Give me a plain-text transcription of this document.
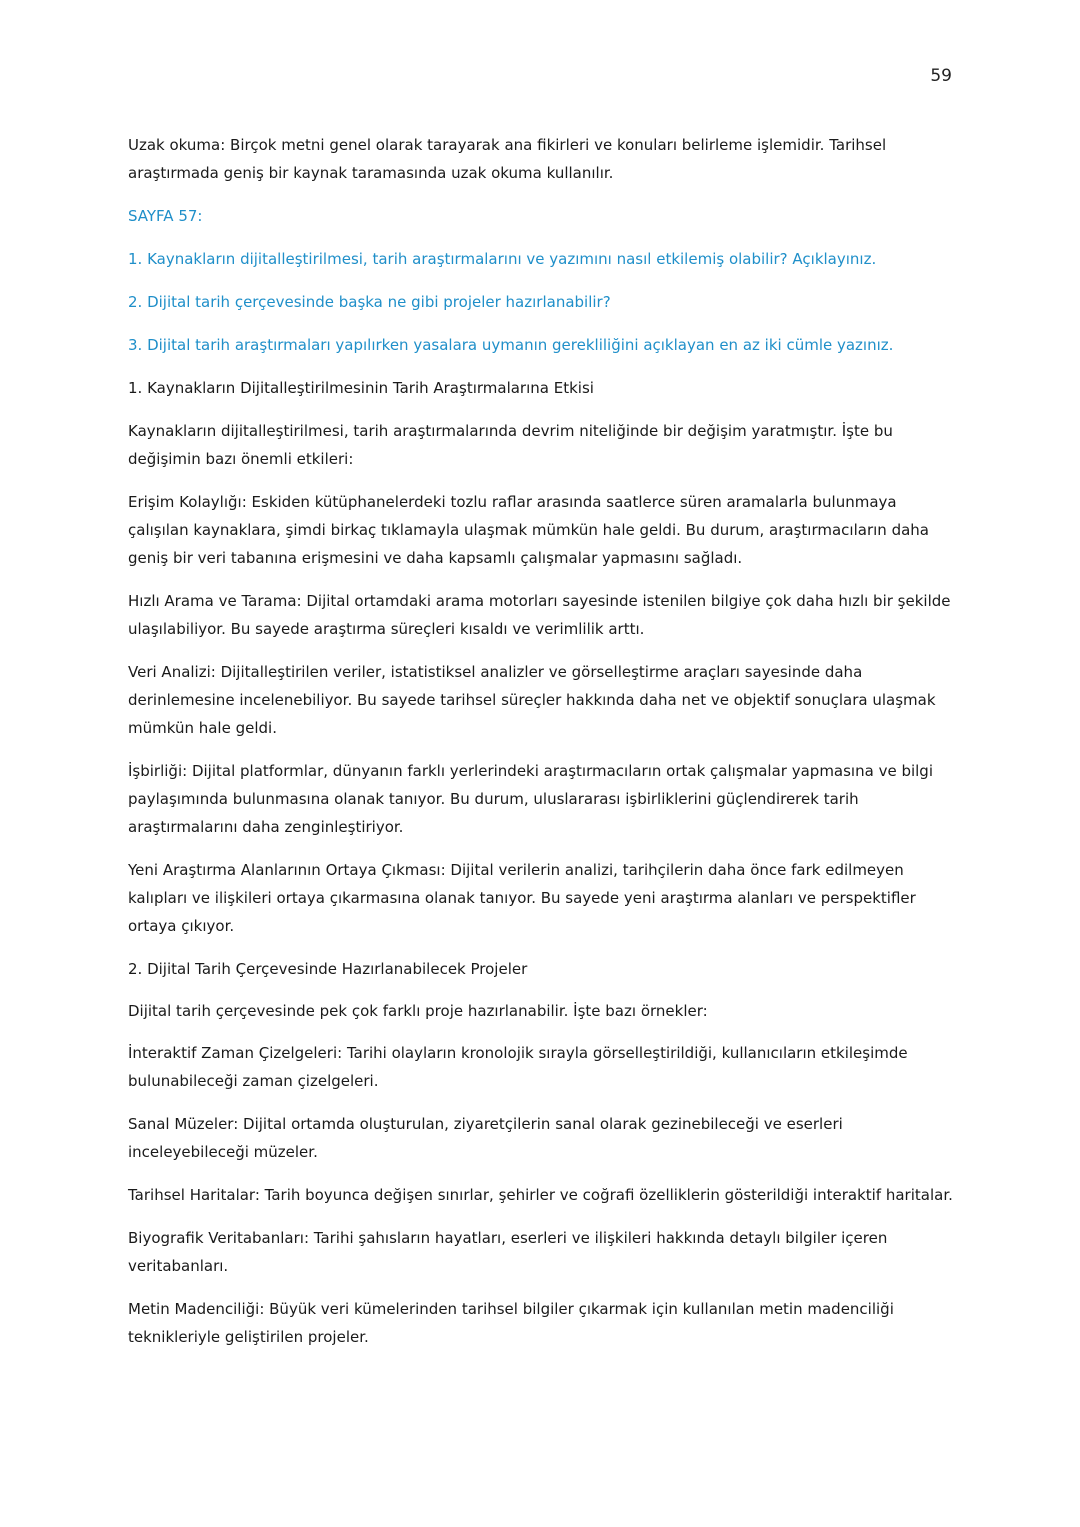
59

Uzak okuma: Birçok metni genel olarak tarayarak ana fikirleri ve konuları belirleme işlemidir. Tarihsel araştırmada geniş bir kaynak taramasında uzak okuma kullanılır.

SAYFA 57:

1. Kaynakların dijitalleştirilmesi, tarih araştırmalarını ve yazımını nasıl etkilemiş olabilir? Açıklayınız.

2. Dijital tarih çerçevesinde başka ne gibi projeler hazırlanabilir?

3. Dijital tarih araştırmaları yapılırken yasalara uymanın gerekliliğini açıklayan en az iki cümle yazınız.

1. Kaynakların Dijitalleştirilmesinin Tarih Araştırmalarına Etkisi

Kaynakların dijitalleştirilmesi, tarih araştırmalarında devrim niteliğinde bir değişim yaratmıştır. İşte bu değişimin bazı önemli etkileri:

Erişim Kolaylığı: Eskiden kütüphanelerdeki tozlu raflar arasında saatlerce süren aramalarla bulunmaya çalışılan kaynaklara, şimdi birkaç tıklamayla ulaşmak mümkün hale geldi. Bu durum, araştırmacıların daha geniş bir veri tabanına erişmesini ve daha kapsamlı çalışmalar yapmasını sağladı.

Hızlı Arama ve Tarama: Dijital ortamdaki arama motorları sayesinde istenilen bilgiye çok daha hızlı bir şekilde ulaşılabiliyor. Bu sayede araştırma süreçleri kısaldı ve verimlilik arttı.

Veri Analizi: Dijitalleştirilen veriler, istatistiksel analizler ve görselleştirme araçları sayesinde daha derinlemesine incelenebiliyor. Bu sayede tarihsel süreçler hakkında daha net ve objektif sonuçlara ulaşmak mümkün hale geldi.

İşbirliği: Dijital platformlar, dünyanın farklı yerlerindeki araştırmacıların ortak çalışmalar yapmasına ve bilgi paylaşımında bulunmasına olanak tanıyor. Bu durum, uluslararası işbirliklerini güçlendirerek tarih araştırmalarını daha zenginleştiriyor.

Yeni Araştırma Alanlarının Ortaya Çıkması: Dijital verilerin analizi, tarihçilerin daha önce fark edilmeyen kalıpları ve ilişkileri ortaya çıkarmasına olanak tanıyor. Bu sayede yeni araştırma alanları ve perspektifler ortaya çıkıyor.

2. Dijital Tarih Çerçevesinde Hazırlanabilecek Projeler

Dijital tarih çerçevesinde pek çok farklı proje hazırlanabilir. İşte bazı örnekler:

İnteraktif Zaman Çizelgeleri: Tarihi olayların kronolojik sırayla görselleştirildiği, kullanıcıların etkileşimde bulunabileceği zaman çizelgeleri.

Sanal Müzeler: Dijital ortamda oluşturulan, ziyaretçilerin sanal olarak gezinebileceği ve eserleri inceleyebileceği müzeler.

Tarihsel Haritalar: Tarih boyunca değişen sınırlar, şehirler ve coğrafi özelliklerin gösterildiği interaktif haritalar.

Biyografik Veritabanları: Tarihi şahısların hayatları, eserleri ve ilişkileri hakkında detaylı bilgiler içeren veritabanları.

Metin Madenciliği: Büyük veri kümelerinden tarihsel bilgiler çıkarmak için kullanılan metin madenciliği teknikleriyle geliştirilen projeler.
